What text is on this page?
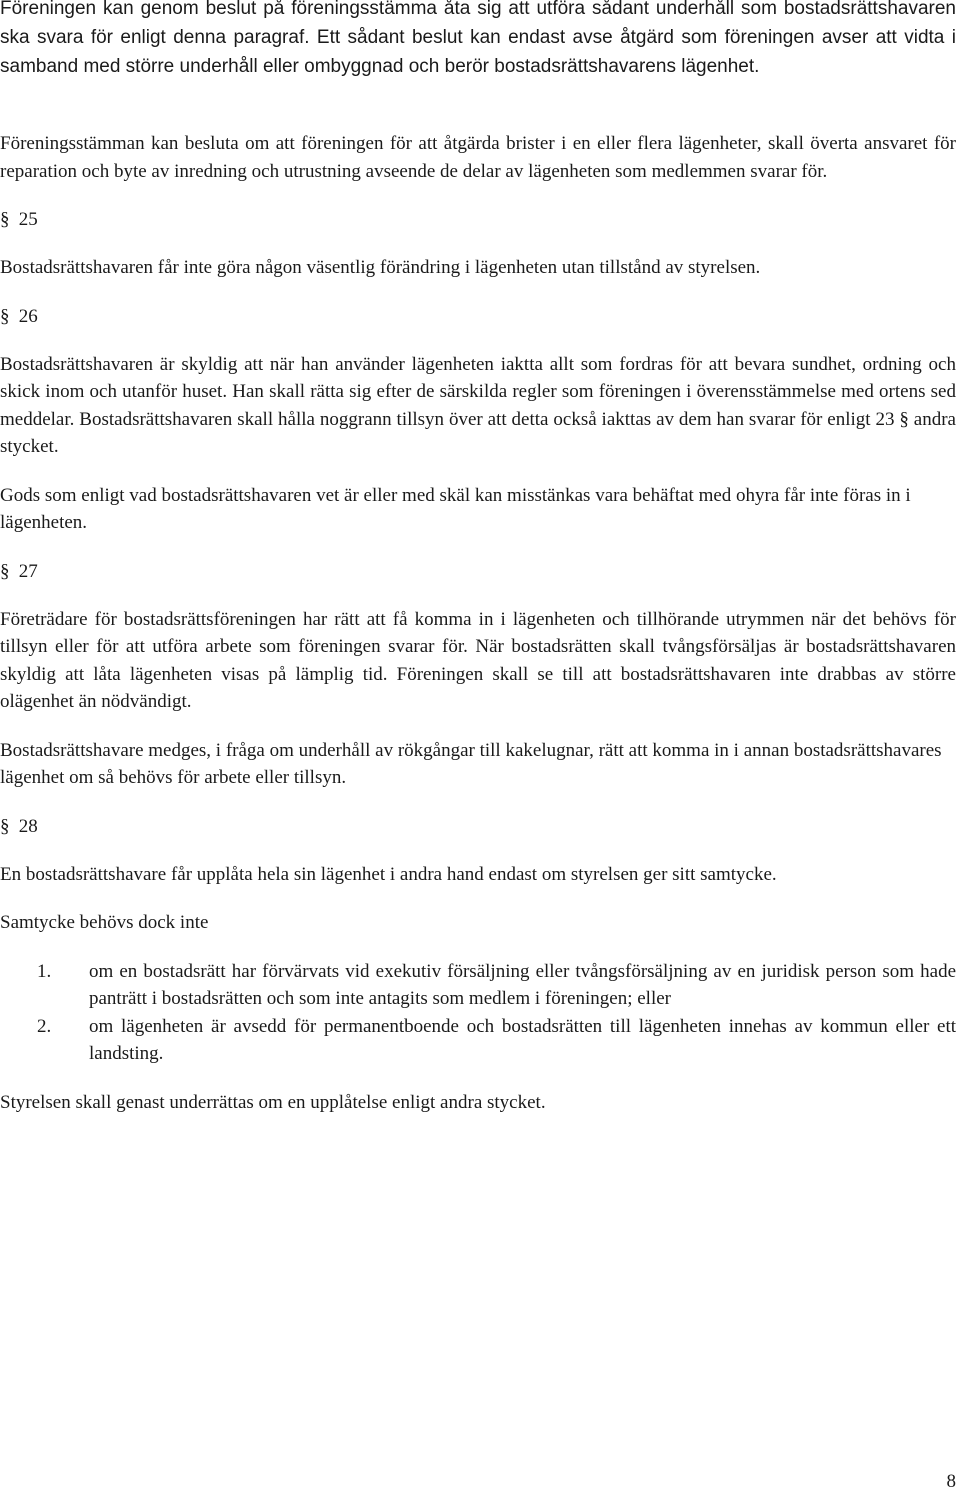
Föreningen kan genom beslut på föreningsstämma åta sig att utföra sådant underhåll som bostadsrättshavaren ska svara för enligt denna paragraf. Ett sådant beslut kan endast avse åtgärd som föreningen avser att vidta i samband med större underhåll eller ombyggnad och berör bostadsrättshavarens lägenhet.

Föreningsstämman kan besluta om att föreningen för att åtgärda brister i en eller flera lägenheter, skall överta ansvaret för reparation och byte av inredning och utrustning avseende de delar av lägenheten som medlemmen svarar för.

§ 25

Bostadsrättshavaren får inte göra någon väsentlig förändring i lägenheten utan tillstånd av styrelsen.

§ 26

Bostadsrättshavaren är skyldig att när han använder lägenheten iaktta allt som fordras för att bevara sundhet, ordning och skick inom och utanför huset. Han skall rätta sig efter de särskilda regler som föreningen i överensstämmelse med ortens sed meddelar. Bostadsrättshavaren skall hålla noggrann tillsyn över att detta också iakttas av dem han svarar för enligt 23 § andra stycket.

Gods som enligt vad bostadsrättshavaren vet är eller med skäl kan misstänkas vara behäftat med ohyra får inte föras in i lägenheten.

§ 27

Företrädare för bostadsrättsföreningen har rätt att få komma in i lägenheten och tillhörande utrymmen när det behövs för tillsyn eller för att utföra arbete som föreningen svarar för. När bostadsrätten skall tvångsförsäljas är bostadsrättshavaren skyldig att låta lägenheten visas på lämplig tid. Föreningen skall se till att bostadsrättshavaren inte drabbas av större olägenhet än nödvändigt.

Bostadsrättshavare medges, i fråga om underhåll av rökgångar till kakelugnar, rätt att komma in i annan bostadsrättshavares lägenhet om så behövs för arbete eller tillsyn.

§ 28

En bostadsrättshavare får upplåta hela sin lägenhet i andra hand endast om styrelsen ger sitt samtycke.

Samtycke behövs dock inte

1.	om en bostadsrätt har förvärvats vid exekutiv försäljning eller tvångsförsäljning av en juridisk person som hade panträtt i bostadsrätten och som inte antagits som medlem i föreningen; eller
2.	om lägenheten är avsedd för permanentboende och bostadsrätten till lägenheten innehas av kommun eller ett landsting.

Styrelsen skall genast underrättas om en upplåtelse enligt andra stycket.

8
